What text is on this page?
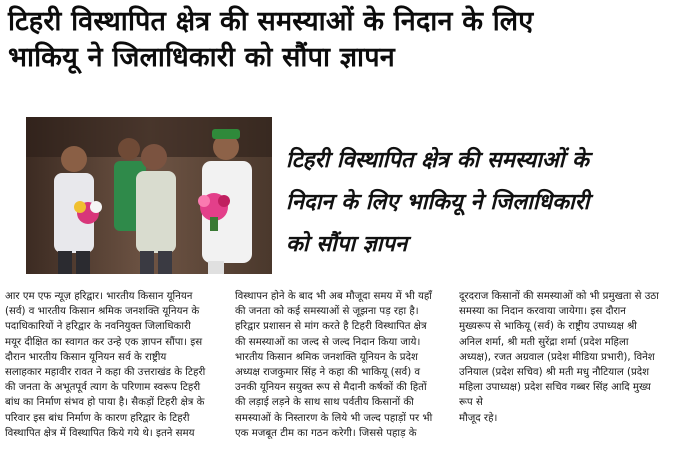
टिहरी विस्थापित क्षेत्र की समस्याओं के निदान के लिए
भाकियू ने जिलाधिकारी को सौंपा ज्ञापन
टिहरी विस्थापित क्षेत्र की समस्याओं के
निदान के लिए भाकियू ने जिलाधिकारी
को सौंपा ज्ञापन
आर एम एफ न्यूज़ हरिद्वार। भारतीय किसान यूनियन
(सर्व) व भारतीय किसान श्रमिक जनशक्ति यूनियन के
पदाधिकारियों ने हरिद्वार के नवनियुक्त जिलाधिकारी
मयूर दीक्षित का स्वागत कर उन्हे एक ज्ञापन सौंपा। इस
दौरान भारतीय किसान यूनियन सर्व के राष्ट्रीय
सलाहकार महावीर रावत ने कहा की उत्तराखंड के टिहरी
की जनता के अभूतपूर्व त्याग के परिणाम स्वरूप टिहरी
बांध का निर्माण संभव हो पाया है। सैकड़ों टिहरी क्षेत्र के
परिवार इस बांध निर्माण के कारण हरिद्वार के टिहरी
विस्थापित क्षेत्र में विस्थापित किये गये थे। इतने समय
विस्थापन होने के बाद भी अब मौजूदा समय में भी यहाँ
की जनता को कई समस्याओं से जूझना पड़ रहा है।
हरिद्वार प्रशासन से मांग करते है टिहरी विस्थापित क्षेत्र
की समस्याओं का जल्द से जल्द निदान किया जाये।
भारतीय किसान श्रमिक जनशक्ति यूनियन के प्रदेश
अध्यक्ष राजकुमार सिंह ने कहा की भाकियू (सर्व) व
उनकी यूनियन सयुक्त रूप से मैदानी कर्षकों की हितों
की लड़ाई लड़ने के साथ साथ पर्वतीय किसानों की
समस्याओं के निस्तारण के लिये भी जल्द पहाड़ों पर भी
एक मजबूत टीम का गठन करेगी। जिससे पहाड़ के
दूरदराज किसानों की समस्याओं को भी प्रमुखता से उठा
समस्या का निदान करवाया जायेगा। इस दौरान
मुख्यरूप से भाकियू (सर्व) के राष्ट्रीय उपाध्यक्ष श्री
अनिल शर्मा, श्री मती सुरेंद्रा शर्मा (प्रदेश महिला
अध्यक्ष), रजत अग्रवाल (प्रदेश मीडिया प्रभारी), विनेश
उनियाल (प्रदेश सचिव) श्री मती मधु नौटियाल (प्रदेश
महिला उपाध्यक्ष) प्रदेश सचिव गब्बर सिंह आदि मुख्य
रूप से
मौजूद रहे।
